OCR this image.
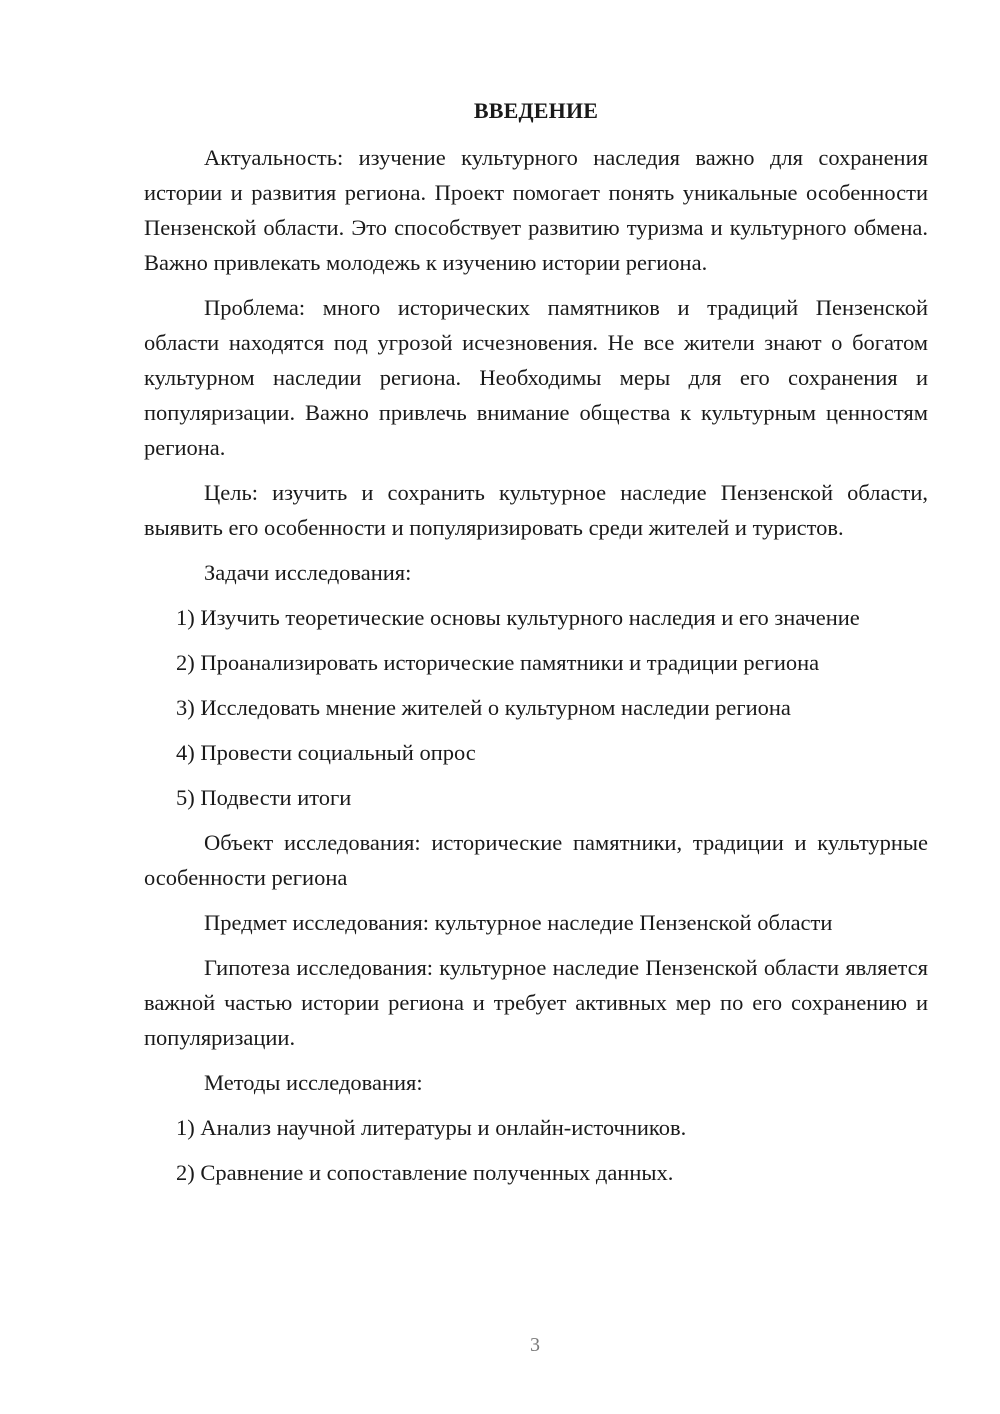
ВВЕДЕНИЕ

Актуальность: изучение культурного наследия важно для сохранения истории и развития региона. Проект помогает понять уникальные особенности Пензенской области. Это способствует развитию туризма и культурного обмена. Важно привлекать молодежь к изучению истории региона.

Проблема: много исторических памятников и традиций Пензенской области находятся под угрозой исчезновения. Не все жители знают о богатом культурном наследии региона. Необходимы меры для его сохранения и популяризации. Важно привлечь внимание общества к культурным ценностям региона.

Цель: изучить и сохранить культурное наследие Пензенской области, выявить его особенности и популяризировать среди жителей и туристов.

Задачи исследования:

1) Изучить теоретические основы культурного наследия и его значение

2) Проанализировать исторические памятники и традиции региона

3) Исследовать мнение жителей о культурном наследии региона

4) Провести социальный опрос

5) Подвести итоги

Объект исследования: исторические памятники, традиции и культурные особенности региона

Предмет исследования: культурное наследие Пензенской области

Гипотеза исследования: культурное наследие Пензенской области является важной частью истории региона и требует активных мер по его сохранению и популяризации.

Методы исследования:

1) Анализ научной литературы и онлайн-источников.

2) Сравнение и сопоставление полученных данных.

3
